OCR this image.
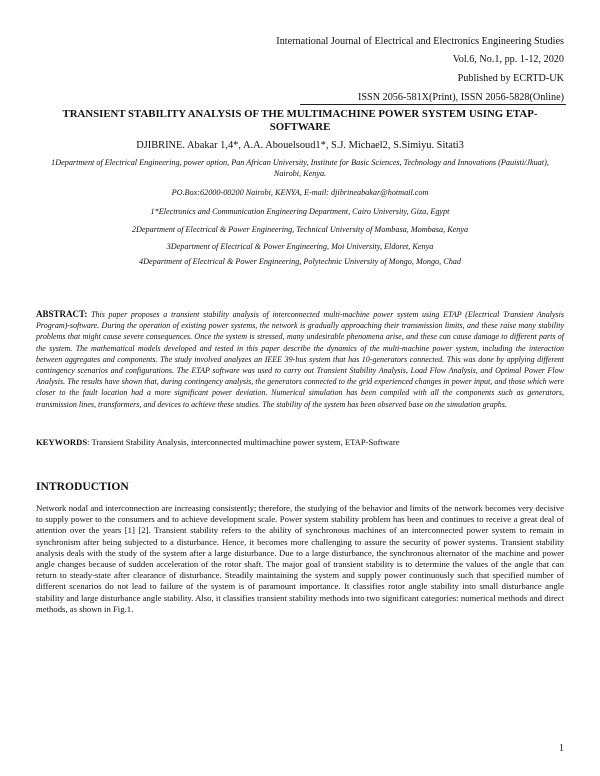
International Journal of Electrical and Electronics Engineering Studies
Vol.6, No.1, pp. 1-12, 2020
Published by ECRTD-UK
ISSN 2056-581X(Print), ISSN 2056-5828(Online)
TRANSIENT STABILITY ANALYSIS OF THE MULTIMACHINE POWER SYSTEM USING ETAP-SOFTWARE
DJIBRINE. Abakar 1,4*, A.A. Abouelsoud1*, S.J. Michael2, S.Simiyu. Sitati3
1Department of Electrical Engineering, power option, Pan African University, Institute for Basic Sciences, Technology and Innovations (Pauisti/Jkuat), Nairobi, Kenya.
PO.Box:62000-00200 Nairobi, KENYA, E-mail: djibrineabakar@hotmail.com
1*Electronics and Communication Engineering Department, Cairo University, Giza, Egypt
2Department of Electrical & Power Engineering, Technical University of Mombasa, Mombasa, Kenya
3Department of Electrical & Power Engineering, Moi University, Eldoret, Kenya
4Department of Electrical & Power Engineering, Polytechnic University of Mongo, Mongo, Chad
ABSTRACT: This paper proposes a transient stability analysis of interconnected multi-machine power system using ETAP (Electrical Transient Analysis Program)-software. During the operation of existing power systems, the network is gradually approaching their transmission limits, and these raise many stability problems that might cause severe consequences. Once the system is stressed, many undesirable phenomena arise, and these can cause damage to different parts of the system. The mathematical models developed and tested in this paper describe the dynamics of the multi-machine power system, including the interaction between aggregates and components. The study involved analyzes an IEEE 39-bus system that has 10-generators connected. This was done by applying different contingency scenarios and configurations. The ETAP software was used to carry out Transient Stability Analysis, Load Flow Analysis, and Optimal Power Flow Analysis. The results have shown that, during contingency analysis, the generators connected to the grid experienced changes in power input, and those which were closer to the fault location had a more significant power deviation. Numerical simulation has been compiled with all the components such as generators, transmission lines, transformers, and devices to achieve these studies. The stability of the system has been observed base on the simulation graphs.
KEYWORDS: Transient Stability Analysis, interconnected multimachine power system, ETAP-Software
INTRODUCTION
Network nodal and interconnection are increasing consistently; therefore, the studying of the behavior and limits of the network becomes very decisive to supply power to the consumers and to achieve development scale. Power system stability problem has been and continues to receive a great deal of attention over the years [1] [2]. Transient stability refers to the ability of synchronous machines of an interconnected power system to remain in synchronism after being subjected to a disturbance. Hence, it becomes more challenging to assure the security of power systems. Transient stability analysis deals with the study of the system after a large disturbance. Due to a large disturbance, the synchronous alternator of the machine and power angle changes because of sudden acceleration of the rotor shaft. The major goal of transient stability is to determine the values of the angle that can return to steady-state after clearance of disturbance. Steadily maintaining the system and supply power continuously such that specified number of different scenarios do not lead to failure of the system is of paramount importance. It classifies rotor angle stability into small disturbance angle stability and large disturbance angle stability. Also, it classifies transient stability methods into two significant categories: numerical methods and direct methods, as shown in Fig.1.
1
